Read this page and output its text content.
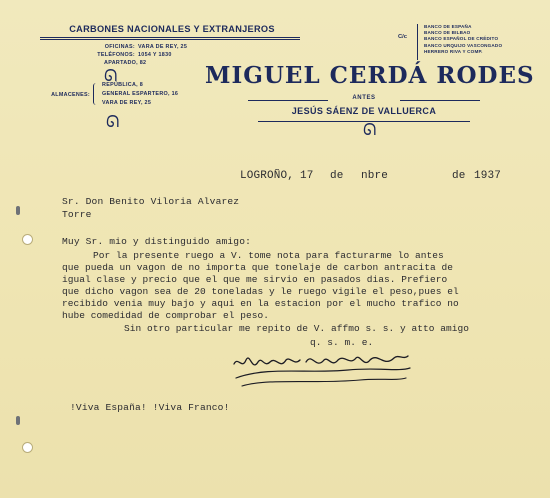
CARBONES NACIONALES Y EXTRANJEROS
OFICINAS: VARA DE REY, 25
TELÉFONOS: 1054 Y 1830
APARTADO, 82
ᘏ
ALMACENES:
REPÚBLICA, 8
GENERAL ESPARTERO, 16
VARA DE REY, 25
ᘏ
MIGUEL CERDÁ RODES
ANTES
JESÚS SÁENZ DE VALLUERCA
ᘏ
C/c
BANCO DE ESPAÑA
BANCO DE BILBAO
BANCO ESPAÑOL DE CRÉDITO
BANCO URQUIJO VASCONGADO
HERRERO RIVA Y COMP.
LOGROÑO, 17 de nbre	de 1937
Sr. Don Benito Viloria Alvarez
Torre
Muy Sr. mio y distinguido amigo:
Por la presente ruego a V. tome nota para facturarme lo antes
que pueda un vagon de no importa que tonelaje de carbon antracita de
igual clase y precio que el que me sirvio en pasados dias. Prefiero
que dicho vagon sea de 20 toneladas y le ruego vigile el peso,pues el
recibido venia muy bajo y aqui en la estacion por el mucho trafico no
hube comedidad de comprobar el peso.
Sin otro particular me repito de V. affmo s. s. y atto amigo
q. s. m. e.
!Viva España! !Viva Franco!
